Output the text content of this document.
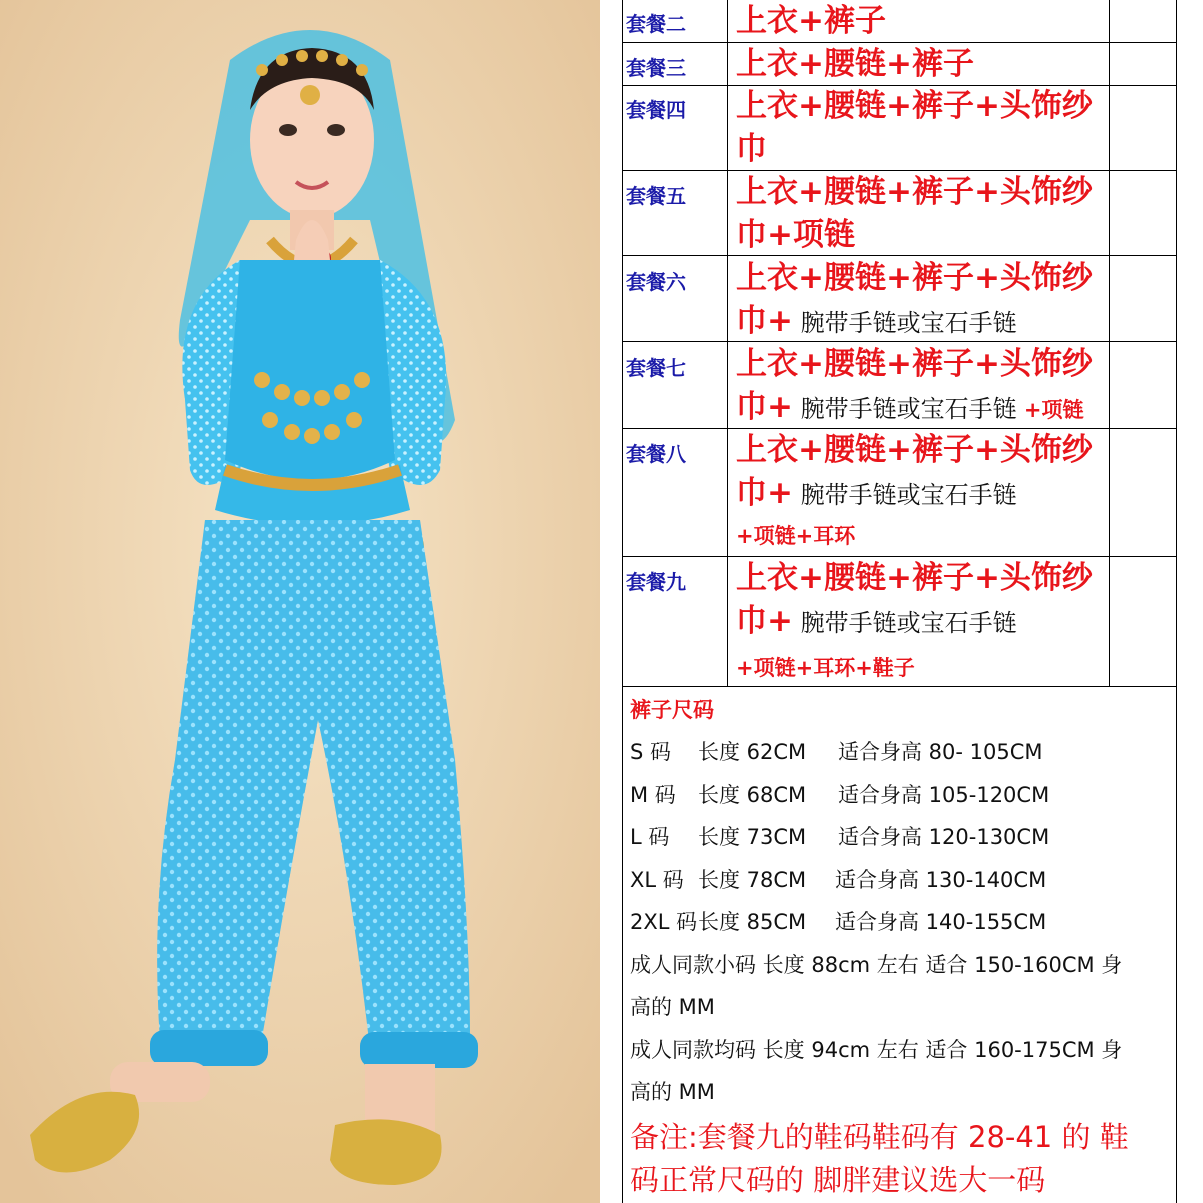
套餐二	上衣+裤子
套餐三	上衣+腰链+裤子
套餐四	上衣+腰链+裤子+头饰纱
巾
套餐五	上衣+腰链+裤子+头饰纱
巾+项链
套餐六	上衣+腰链+裤子+头饰纱
巾+ 腕带手链或宝石手链
套餐七	上衣+腰链+裤子+头饰纱
巾+ 腕带手链或宝石手链 +项链
套餐八	上衣+腰链+裤子+头饰纱
巾+ 腕带手链或宝石手链
+项链+耳环
套餐九	上衣+腰链+裤子+头饰纱
巾+ 腕带手链或宝石手链
+项链+耳环+鞋子
裤子尺码
S 码 长度 62CM 适合身高 80- 105CM
M 码 长度 68CM 适合身高 105-120CM
L 码 长度 73CM 适合身高 120-130CM
XL 码 长度 78CM 适合身高 130-140CM
2XL 码 长度 85CM 适合身高 140-155CM
成人同款小码 长度 88cm 左右 适合 150-160CM 身
高的 MM
成人同款均码 长度 94cm 左右 适合 160-175CM 身
高的 MM
备注:套餐九的鞋码鞋码有 28-41 的 鞋
码正常尺码的 脚胖建议选大一码
